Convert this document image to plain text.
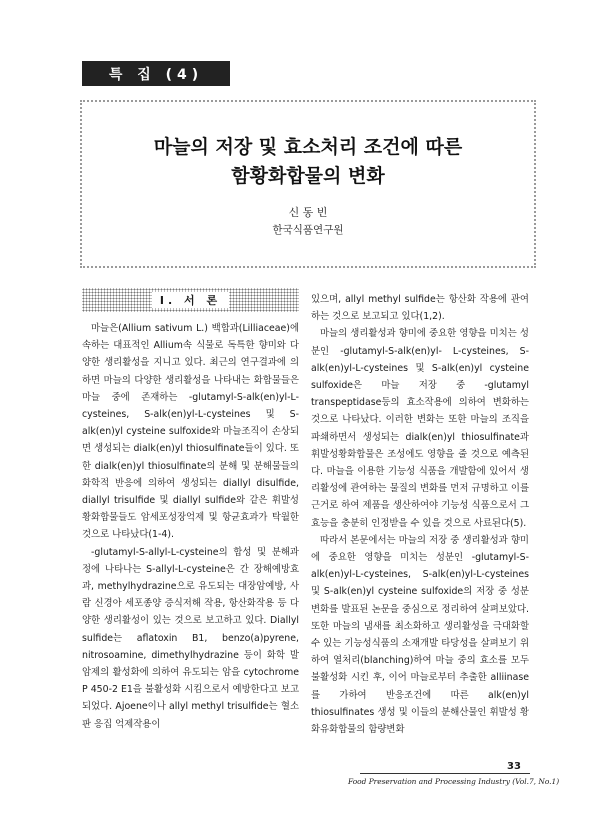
특 집 (4)
마늘의 저장 및 효소처리 조건에 따른
함황화합물의 변화
신 동 빈
한국식품연구원
I. 서 론

마늘은(Allium sativum L.) 백합과(Lilliaceae)에 속하는 대표적인 Allium속 식물로 독특한 향미와 다양한 생리활성을 지니고 있다. 최근의 연구결과에 의하면 마늘의 다양한 생리활성을 나타내는 화합물들은 마늘 중에 존재하는 -glutamyl-S-alk(en)yl-L- cysteines, S-alk(en)yl-L-cysteines 및 S-alk(en)yl cysteine sulfoxide와 마늘조직이 손상되면 생성되는 dialk(en)yl thiosulfinate들이 있다. 또한 dialk(en)yl thiosulfinate의 분해 및 분해물들의 화학적 반응에 의하여 생성되는 diallyl disulfide, diallyl trisulfide 및 diallyl sulfide와 같은 휘발성 황화합물들도 암세포성장억제 및 항균효과가 탁월한 것으로 나타났다(1-4).

-glutamyl-S-allyl-L-cysteine의 합성 및 분해과정에 나타나는 S-allyl-L-cysteine은 간 장해예방효과, methylhydrazine으로 유도되는 대장암예방, 사람 신경아 세포종양 증식저해 작용, 항산화작용 등 다양한 생리활성이 있는 것으로 보고하고 있다. Diallyl sulfide는 aflatoxin B1, benzo(a)pyrene, nitrosoamine, dimethylhydrazine 등이 화학 발암제의 활성화에 의하여 유도되는 암을 cytochrome P 450-2 E1을 불활성화 시킴으로서 예방한다고 보고되었다. Ajoene이나 allyl methyl trisulfide는 혈소판 응집 억제작용이

있으며, allyl methyl sulfide는 항산화 작용에 관여하는 것으로 보고되고 있다(1,2).

마늘의 생리활성과 향미에 중요한 영향을 미치는 성분인 -glutamyl-S-alk(en)yl- L-cysteines, S-alk(en)yl-L-cysteines 및 S-alk(en)yl cysteine sulfoxide은 마늘 저장 중 -glutamyl transpeptidase등의 효소작용에 의하여 변화하는 것으로 나타났다. 이러한 변화는 또한 마늘의 조직을 파쇄하면서 생성되는 dialk(en)yl thiosulfinate과 휘발성황화합물은 조성에도 영향을 줄 것으로 예측된다. 마늘을 이용한 기능성 식품을 개발함에 있어서 생리활성에 관여하는 물질의 변화를 먼저 규명하고 이를 근거로 하여 제품을 생산하여야 기능성 식품으로서 그 효능을 충분히 인정받을 수 있을 것으로 사료된다(5).

따라서 본문에서는 마늘의 저장 중 생리활성과 향미에 중요한 영향을 미치는 성분인 -glutamyl-S-alk(en)yl-L-cysteines, S-alk(en)yl-L-cysteines 및 S-alk(en)yl cysteine sulfoxide의 저장 중 성분변화를 발표된 논문을 중심으로 정리하여 살펴보았다. 또한 마늘의 냄새를 최소화하고 생리활성을 극대화할 수 있는 기능성식품의 소재개발 타당성을 살펴보기 위하여 열처리(blanching)하여 마늘 중의 효소를 모두 불활성화 시킨 후, 이어 마늘로부터 추출한 alliinase를 가하여 반응조건에 따른 alk(en)yl thiosulfinates 생성 및 이들의 분해산물인 휘발성 황화유화합물의 함량변화

33
Food Preservation and Processing Industry (Vol.7, No.1)
